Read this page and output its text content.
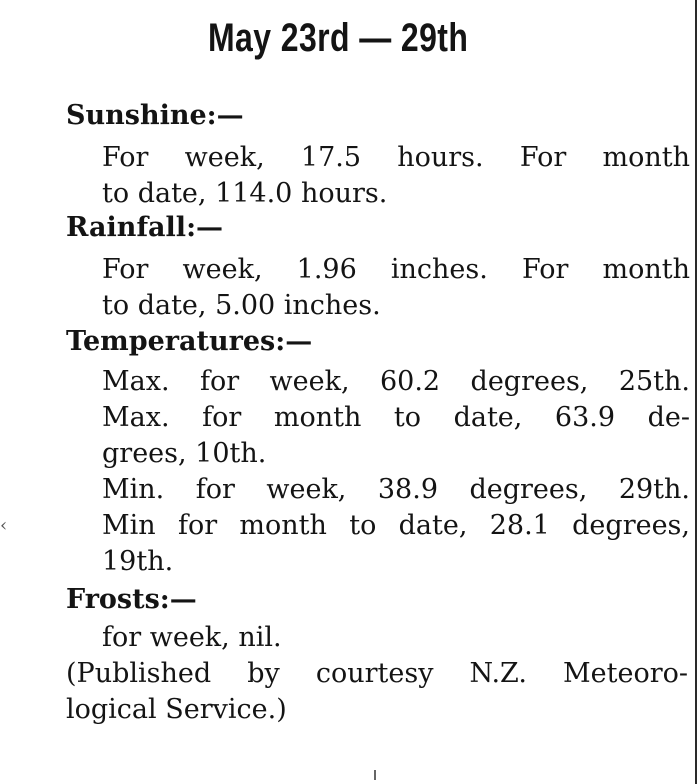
‹
May 23rd — 29th
Sunshine:—
For week, 17.5 hours. For month
to date, 114.0 hours.
Rainfall:—
For week, 1.96 inches. For month
to date, 5.00 inches.
Temperatures:—
Max. for week, 60.2 degrees, 25th.
Max. for month to date, 63.9 de-
grees, 10th.
Min. for week, 38.9 degrees, 29th.
Min for month to date, 28.1 degrees,
19th.
Frosts:—
for week, nil.
(Published by courtesy N.Z. Meteoro-
logical Service.)
